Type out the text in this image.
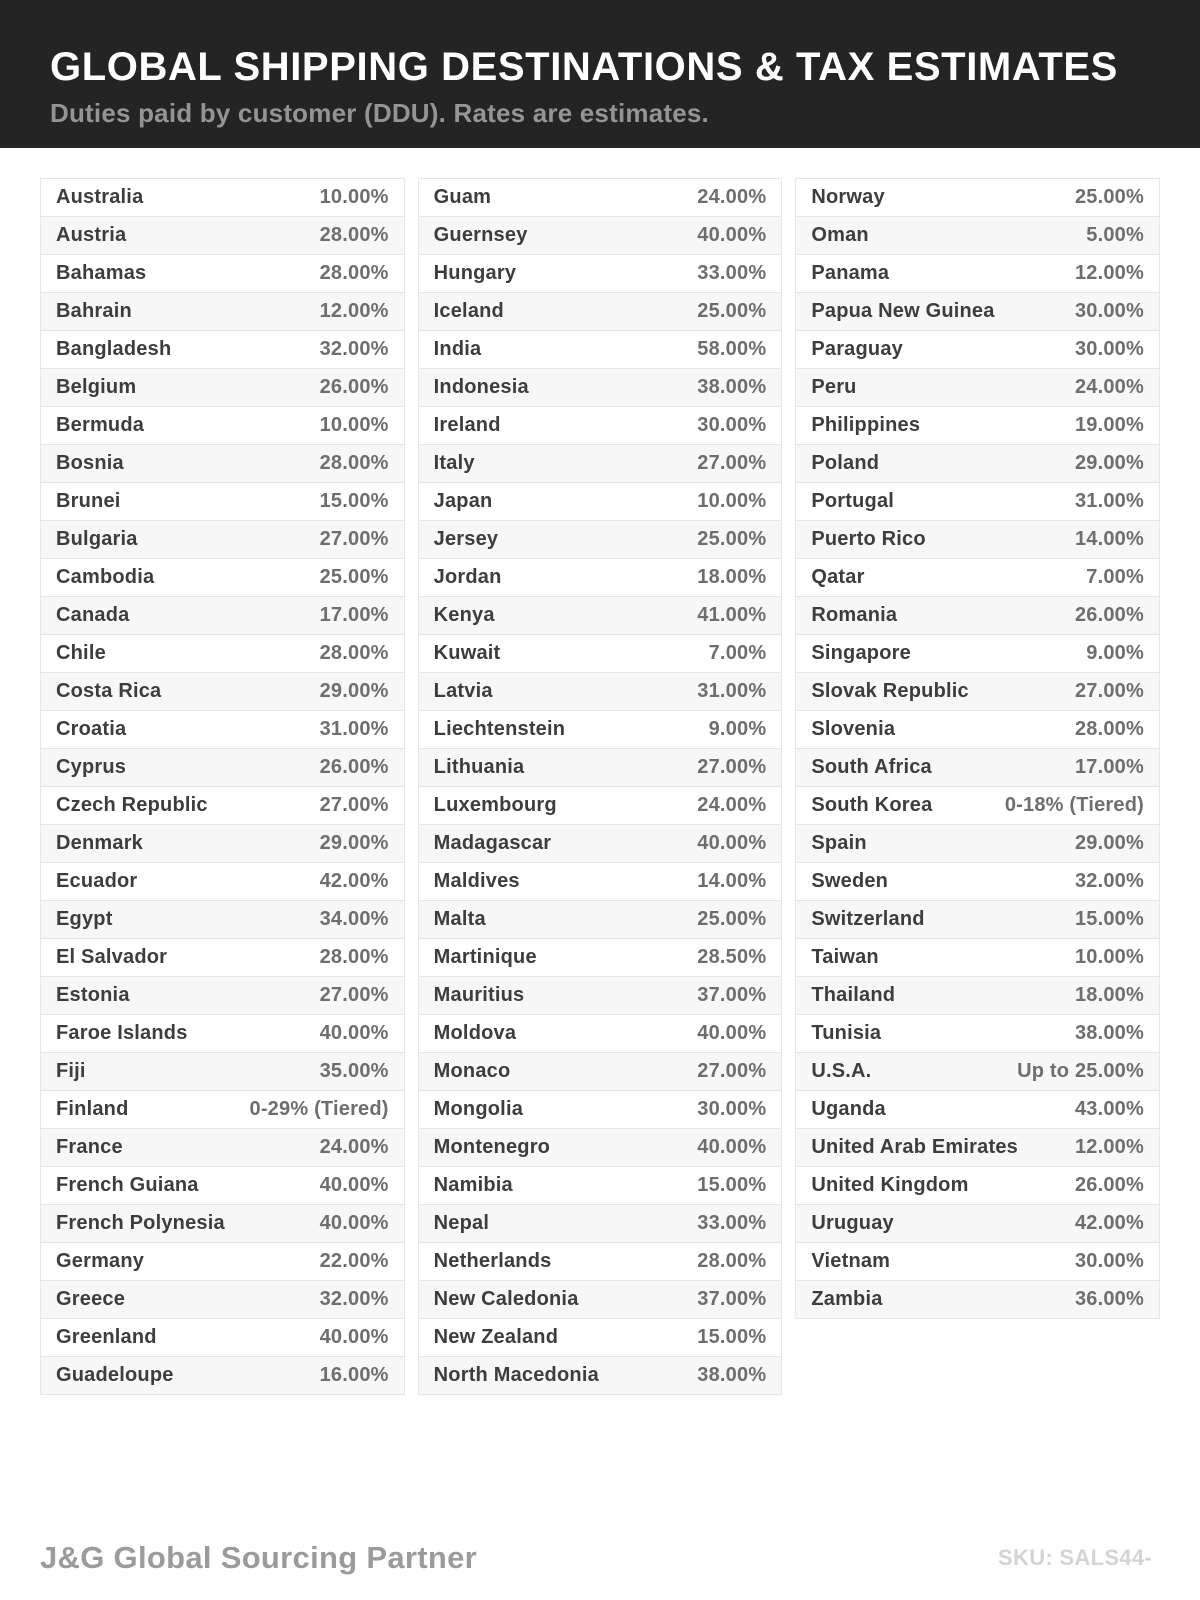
GLOBAL SHIPPING DESTINATIONS & TAX ESTIMATES

Duties paid by customer (DDU). Rates are estimates.

Australia	10.00%
Austria	28.00%
Bahamas	28.00%
Bahrain	12.00%
Bangladesh	32.00%
Belgium	26.00%
Bermuda	10.00%
Bosnia	28.00%
Brunei	15.00%
Bulgaria	27.00%
Cambodia	25.00%
Canada	17.00%
Chile	28.00%
Costa Rica	29.00%
Croatia	31.00%
Cyprus	26.00%
Czech Republic	27.00%
Denmark	29.00%
Ecuador	42.00%
Egypt	34.00%
El Salvador	28.00%
Estonia	27.00%
Faroe Islands	40.00%
Fiji	35.00%
Finland	0-29% (Tiered)
France	24.00%
French Guiana	40.00%
French Polynesia	40.00%
Germany	22.00%
Greece	32.00%
Greenland	40.00%
Guadeloupe	16.00%
Guam	24.00%
Guernsey	40.00%
Hungary	33.00%
Iceland	25.00%
India	58.00%
Indonesia	38.00%
Ireland	30.00%
Italy	27.00%
Japan	10.00%
Jersey	25.00%
Jordan	18.00%
Kenya	41.00%
Kuwait	7.00%
Latvia	31.00%
Liechtenstein	9.00%
Lithuania	27.00%
Luxembourg	24.00%
Madagascar	40.00%
Maldives	14.00%
Malta	25.00%
Martinique	28.50%
Mauritius	37.00%
Moldova	40.00%
Monaco	27.00%
Mongolia	30.00%
Montenegro	40.00%
Namibia	15.00%
Nepal	33.00%
Netherlands	28.00%
New Caledonia	37.00%
New Zealand	15.00%
North Macedonia	38.00%
Norway	25.00%
Oman	5.00%
Panama	12.00%
Papua New Guinea	30.00%
Paraguay	30.00%
Peru	24.00%
Philippines	19.00%
Poland	29.00%
Portugal	31.00%
Puerto Rico	14.00%
Qatar	7.00%
Romania	26.00%
Singapore	9.00%
Slovak Republic	27.00%
Slovenia	28.00%
South Africa	17.00%
South Korea	0-18% (Tiered)
Spain	29.00%
Sweden	32.00%
Switzerland	15.00%
Taiwan	10.00%
Thailand	18.00%
Tunisia	38.00%
U.S.A.	Up to 25.00%
Uganda	43.00%
United Arab Emirates	12.00%
United Kingdom	26.00%
Uruguay	42.00%
Vietnam	30.00%
Zambia	36.00%
J&G Global Sourcing Partner	SKU: SALS44-
